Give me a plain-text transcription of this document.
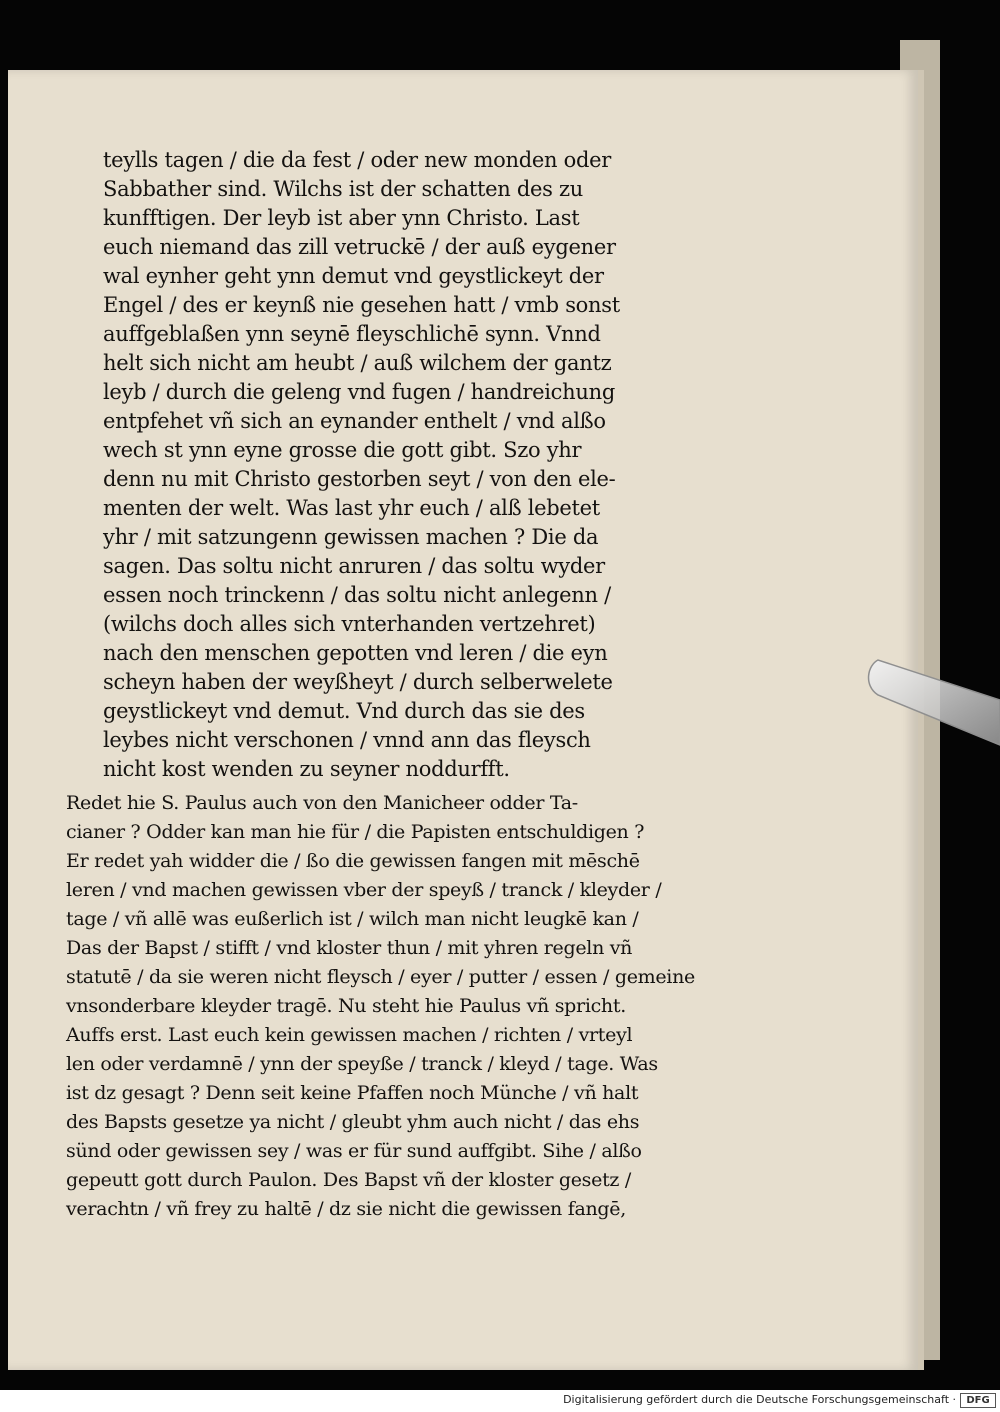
teylls tagen / die da fest / oder new monden oder
Sabbather sind. Wilchs ist der schatten des zu
kunfftigen. Der leyb ist aber ynn Christo. Last
euch niemand das zill vetruckē / der auß eygener
wal eynher geht ynn demut vnd geystlickeyt der
Engel / des er keynß nie gesehen hatt / vmb sonst
auffgeblaßen ynn seynē fleyschlichē synn. Vnnd
helt sich nicht am heubt / auß wilchem der gantz
leyb / durch die geleng vnd fugen / handreichung
entpfehet vñ sich an eynander enthelt / vnd alßo
wech st ynn eyne grosse die gott gibt. Szo yhr
denn nu mit Christo gestorben seyt / von den ele-
menten der welt. Was last yhr euch / alß lebetet
yhr / mit satzungenn gewissen machen ? Die da
sagen. Das soltu nicht anruren / das soltu wyder
essen noch trinckenn / das soltu nicht anlegenn /
(wilchs doch alles sich vnterhanden vertzehret)
nach den menschen gepotten vnd leren / die eyn
scheyn haben der weyßheyt / durch selberwelete
geystlickeyt vnd demut. Vnd durch das sie des
leybes nicht verschonen / vnnd ann das fleysch
nicht kost wenden zu seyner noddurfft.
Redet hie S. Paulus auch von den Manicheer odder Ta-
cianer ? Odder kan man hie für / die Papisten entschuldigen ?
Er redet yah widder die / ßo die gewissen fangen mit mēschē
leren / vnd machen gewissen vber der speyß / tranck / kleyder /
tage / vñ allē was eußerlich ist / wilch man nicht leugkē kan /
Das der Bapst / stifft / vnd kloster thun / mit yhren regeln vñ
statutē / da sie weren nicht fleysch / eyer / putter / essen / gemeine
vnsonderbare kleyder tragē. Nu steht hie Paulus vñ spricht.
Auffs erst. Last euch kein gewissen machen / richten / vrteyl
len oder verdamnē / ynn der speyße / tranck / kleyd / tage. Was
ist dz gesagt ? Denn seit keine Pfaffen noch Münche / vñ halt
des Bapsts gesetze ya nicht / gleubt yhm auch nicht / das ehs
sünd oder gewissen sey / was er für sund auffgibt. Sihe / alßo
gepeutt gott durch Paulon. Des Bapst vñ der kloster gesetz /
verachtn / vñ frey zu haltē / dz sie nicht die gewissen fangē,
Digitalisierung gefördert durch die Deutsche Forschungsgemeinschaft ·	DFG
